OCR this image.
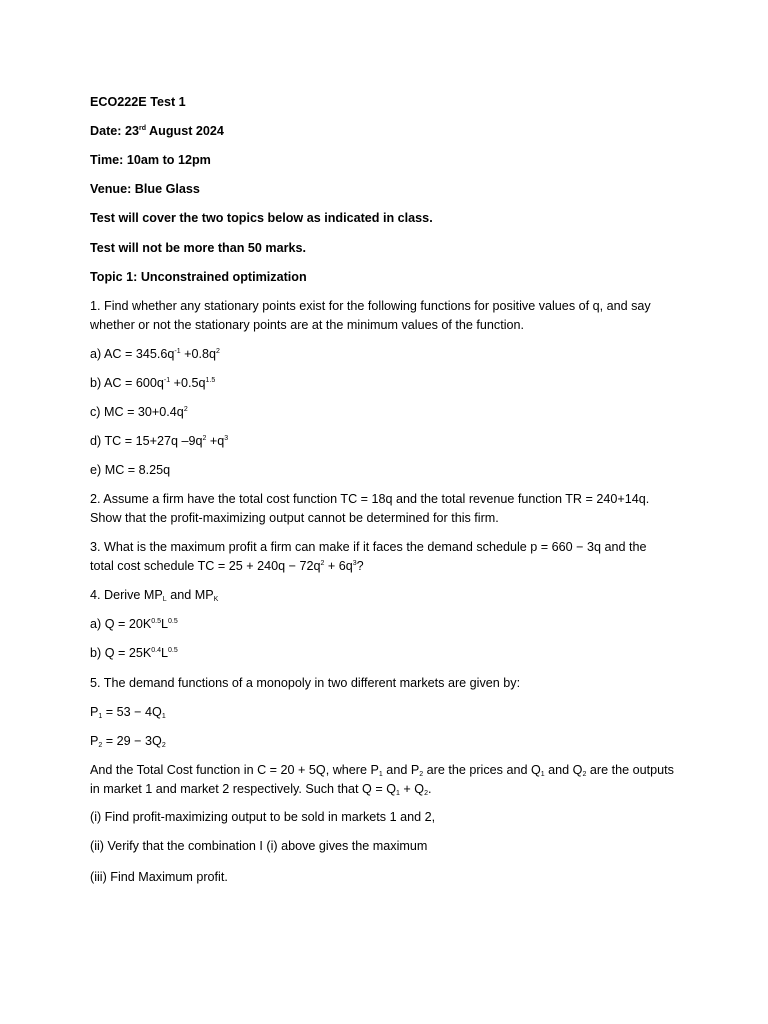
ECO222E Test 1
Date: 23rd August 2024
Time: 10am to 12pm
Venue: Blue Glass
Test will cover the two topics below as indicated in class.
Test will not be more than 50 marks.
Topic 1: Unconstrained optimization
1. Find whether any stationary points exist for the following functions for positive values of q, and say
whether or not the stationary points are at the minimum values of the function.
a) AC = $345.6q^{-1} +0.8q^2$
b) AC = $600q^{-1} +0.5q^{1.5}$
c) MC = $30+0.4q^2$
d) TC = 15+27q $-9q^2 +q^3$
e) MC = 8.25q
2. Assume a firm have the total cost function TC = 18q and the total revenue function TR = 240+14q.
Show that the profit-maximizing output cannot be determined for this firm.
3. What is the maximum profit a firm can make if it faces the demand schedule p = 660 − 3q and the
total cost schedule TC = $25 + 240q - 72q^2 + 6q^3$?
4. Derive $MP_L$ and $MP_K$
a) $Q = 20K^{0.5}L^{0.5}$
b) $Q = 25K^{0.4}L^{0.5}$
5. The demand functions of a monopoly in two different markets are given by:
$P_1 = 53 - 4Q_1$
$P_2 = 29 - 3Q_2$
And the Total Cost function in C = 20 + 5Q, where $P_1$ and $P_2$ are the prices and $Q_1$ and $Q_2$ are the outputs
in market 1 and market 2 respectively. Such that $Q = Q_1 + Q_2$.
(i) Find profit-maximizing output to be sold in markets 1 and 2,
(ii) Verify that the combination I (i) above gives the maximum
(iii) Find Maximum profit.
